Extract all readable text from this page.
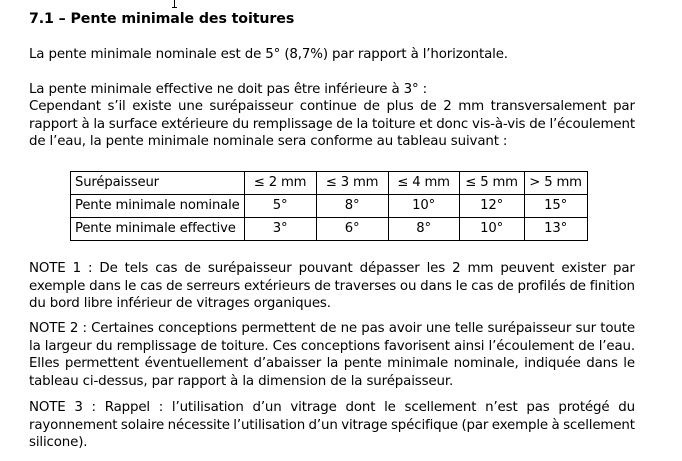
7.1 – Pente minimale des toitures
La pente minimale nominale est de 5° (8,7%) par rapport à l’horizontale.
La pente minimale effective ne doit pas être inférieure à 3° :
Cependant s’il existe une surépaisseur continue de plus de 2 mm transversalement par
rapport à la surface extérieure du remplissage de la toiture et donc vis-à-vis de l’écoulement
de l’eau, la pente minimale nominale sera conforme au tableau suivant :
Surépaisseur	≤ 2 mm	≤ 3 mm	≤ 4 mm	≤ 5 mm	> 5 mm
Pente minimale nominale	5°	8°	10°	12°	15°
Pente minimale effective	3°	6°	8°	10°	13°
NOTE 1 : De tels cas de surépaisseur pouvant dépasser les 2 mm peuvent exister par
exemple dans le cas de serreurs extérieurs de traverses ou dans le cas de profilés de finition
du bord libre inférieur de vitrages organiques.
NOTE 2 : Certaines conceptions permettent de ne pas avoir une telle surépaisseur sur toute
la largeur du remplissage de toiture. Ces conceptions favorisent ainsi l’écoulement de l’eau.
Elles permettent éventuellement d’abaisser la pente minimale nominale, indiquée dans le
tableau ci-dessus, par rapport à la dimension de la surépaisseur.
NOTE 3 : Rappel : l’utilisation d’un vitrage dont le scellement n’est pas protégé du
rayonnement solaire nécessite l’utilisation d’un vitrage spécifique (par exemple à scellement
silicone).
